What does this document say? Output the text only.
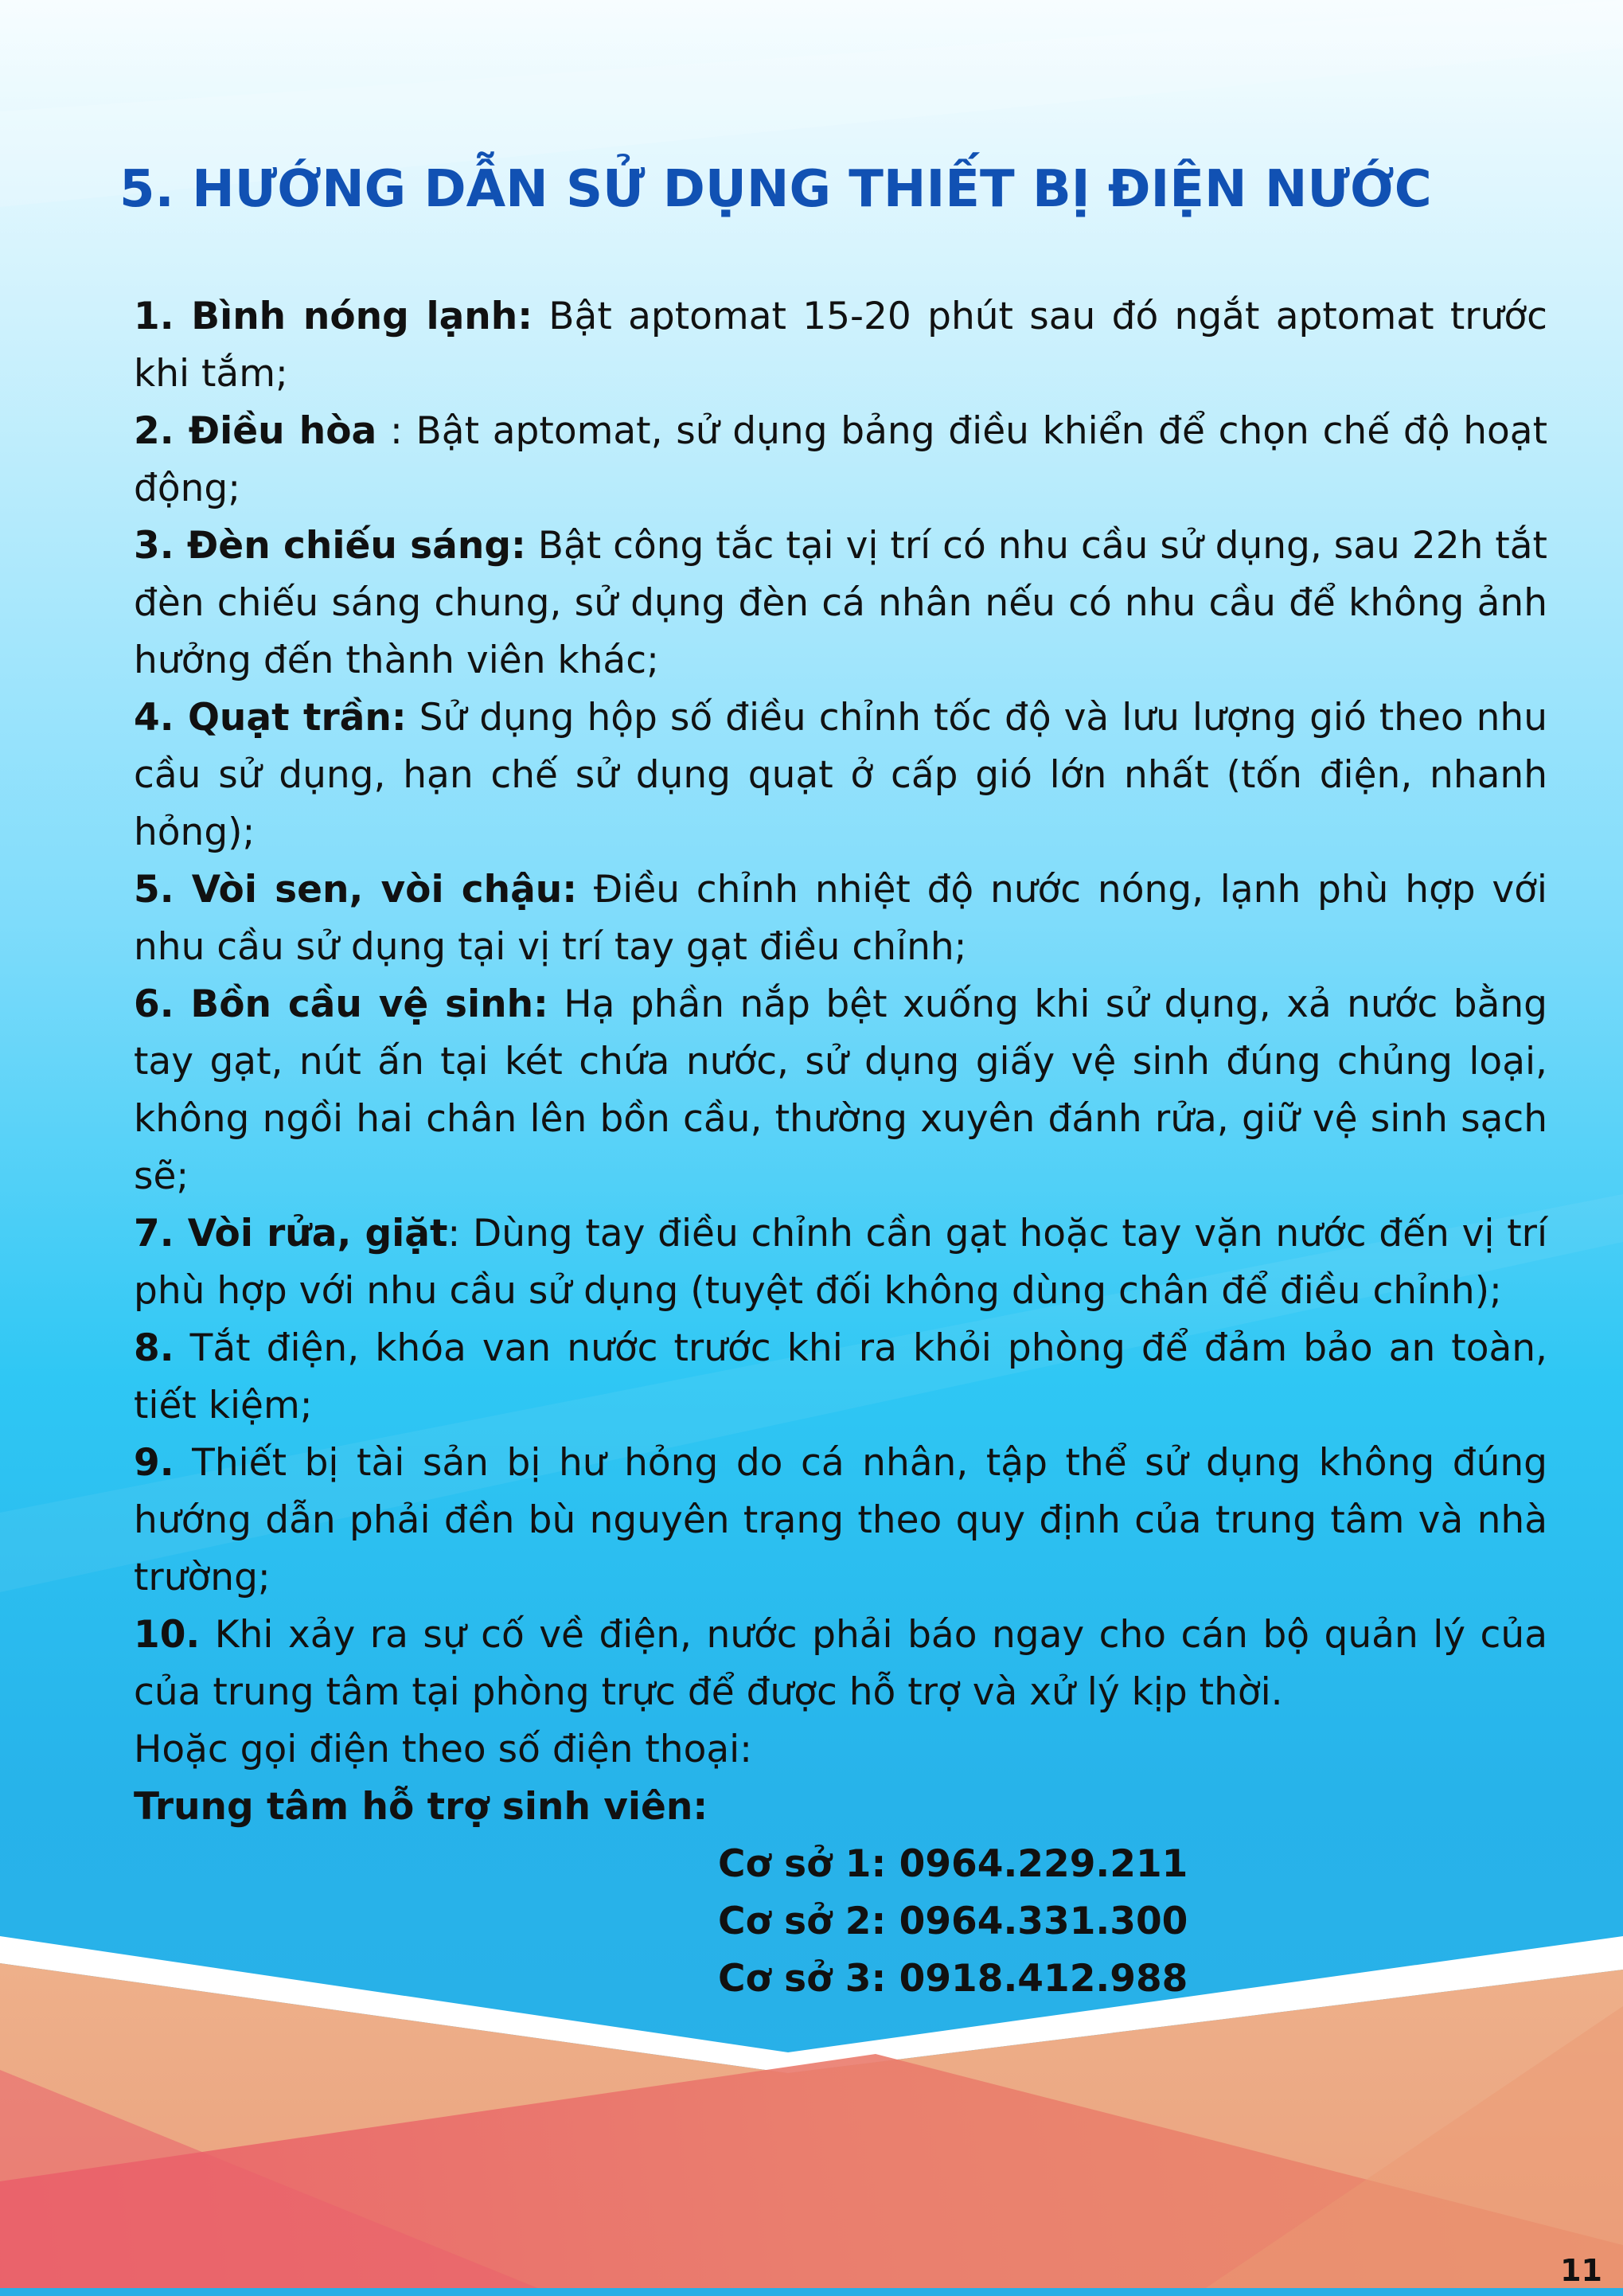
5. HƯỚNG DẪN SỬ DỤNG THIẾT BỊ ĐIỆN NƯỚC

1. Bình nóng lạnh: Bật aptomat 15-20 phút sau đó ngắt aptomat trước khi tắm;

2. Điều hòa : Bật aptomat, sử dụng bảng điều khiển để chọn chế độ hoạt động;

3. Đèn chiếu sáng: Bật công tắc tại vị trí có nhu cầu sử dụng, sau 22h tắt đèn chiếu sáng chung, sử dụng đèn cá nhân nếu có nhu cầu để không ảnh hưởng đến thành viên khác;

4. Quạt trần: Sử dụng hộp số điều chỉnh tốc độ và lưu lượng gió theo nhu cầu sử dụng, hạn chế sử dụng quạt ở cấp gió lớn nhất (tốn điện, nhanh hỏng);

5. Vòi sen, vòi chậu: Điều chỉnh nhiệt độ nước nóng, lạnh phù hợp với nhu cầu sử dụng tại vị trí tay gạt điều chỉnh;

6. Bồn cầu vệ sinh: Hạ phần nắp bệt xuống khi sử dụng, xả nước bằng tay gạt, nút ấn tại két chứa nước, sử dụng giấy vệ sinh đúng chủng loại, không ngồi hai chân lên bồn cầu, thường xuyên đánh rửa, giữ vệ sinh sạch sẽ;

7. Vòi rửa, giặt: Dùng tay điều chỉnh cần gạt hoặc tay vặn nước đến vị trí phù hợp với nhu cầu sử dụng (tuyệt đối không dùng chân để điều chỉnh);

8. Tắt điện, khóa van nước trước khi ra khỏi phòng để đảm bảo an toàn, tiết kiệm;

9. Thiết bị tài sản bị hư hỏng do cá nhân, tập thể sử dụng không đúng hướng dẫn phải đền bù nguyên trạng theo quy định của trung tâm và nhà trường;

10. Khi xảy ra sự cố về điện, nước phải báo ngay cho cán bộ quản lý của của trung tâm tại phòng trực để được hỗ trợ và xử lý kịp thời.

Hoặc gọi điện theo số điện thoại:

Trung tâm hỗ trợ sinh viên:

Cơ sở 1: 0964.229.211
Cơ sở 2: 0964.331.300
Cơ sở 3: 0918.412.988
11
